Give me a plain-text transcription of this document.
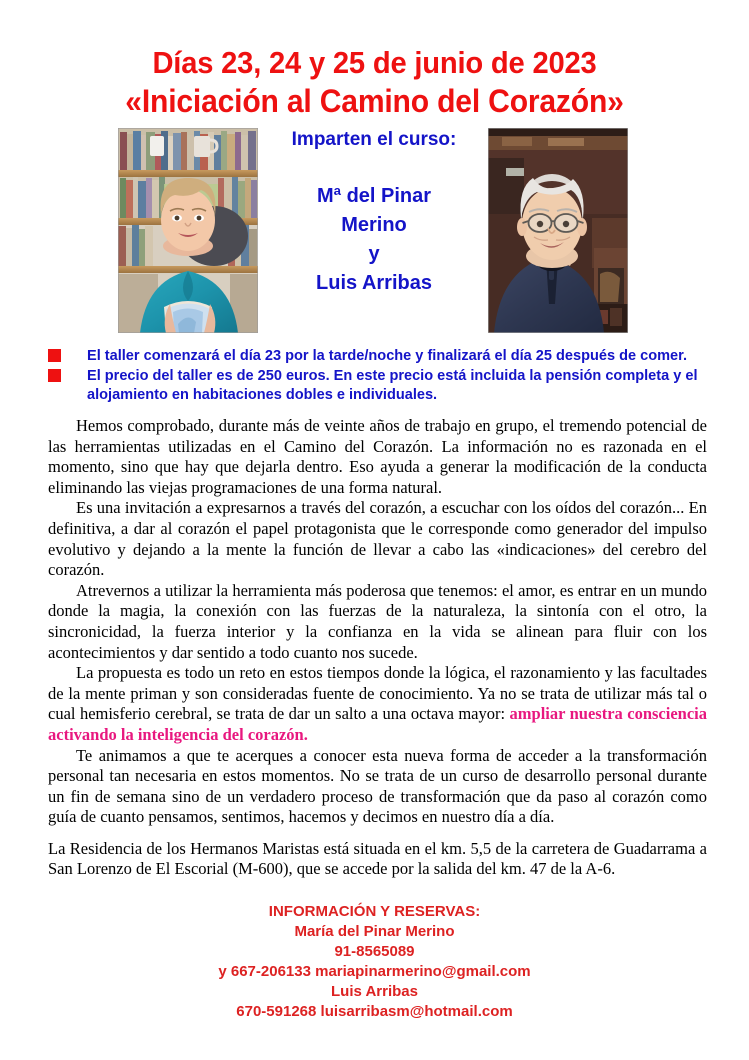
Días 23, 24 y 25 de junio de 2023
«Iniciación al Camino del Corazón»
Imparten el curso:
Mª del Pinar
Merino
y
Luis Arribas
El taller comenzará el día 23 por la tarde/noche y finalizará el día 25 después de comer.
El precio del taller es de 250 euros. En este precio está incluida la pensión completa y el alojamiento en habitaciones dobles e individuales.

Hemos comprobado, durante más de veinte años de trabajo en grupo, el tremendo potencial de las herramientas utilizadas en el Camino del Corazón. La información no es razonada en el momento, sino que hay que dejarla dentro. Eso ayuda a generar la modificación de la conducta eliminando las viejas programaciones de una forma natural.

Es una invitación a expresarnos a través del corazón, a escuchar con los oídos del corazón... En definitiva, a dar al corazón el papel protagonista que le corresponde como generador del impulso evolutivo y dejando a la mente la función de llevar a cabo las «indicaciones» del cerebro del corazón.

Atrevernos a utilizar la herramienta más poderosa que tenemos: el amor, es entrar en un mundo donde la magia, la conexión con las fuerzas de la naturaleza, la sintonía con el otro, la sincronicidad, la fuerza interior y la confianza en la vida se alinean para fluir con los acontecimientos y dar sentido a todo cuanto nos sucede.

La propuesta es todo un reto en estos tiempos donde la lógica, el razonamiento y las facultades de la mente priman y son consideradas fuente de conocimiento. Ya no se trata de utilizar más tal o cual hemisferio cerebral, se trata de dar un salto a una octava mayor: ampliar nuestra consciencia activando la inteligencia del corazón.

Te animamos a que te acerques a conocer esta nueva forma de acceder a la transformación personal tan necesaria en estos momentos. No se trata de un curso de desarrollo personal durante un fin de semana sino de un verdadero proceso de transformación que da paso al corazón como guía de cuanto pensamos, sentimos, hacemos y decimos en nuestro día a día.

La Residencia de los Hermanos Maristas está situada en el km. 5,5 de la carretera de Guadarrama a San Lorenzo de El Escorial (M-600), que se accede por la salida del km. 47 de la A-6.

INFORMACIÓN Y RESERVAS:
María del Pinar Merino
91-8565089
y 667-206133 mariapinarmerino@gmail.com
Luis Arribas
670-591268 luisarribasm@hotmail.com
